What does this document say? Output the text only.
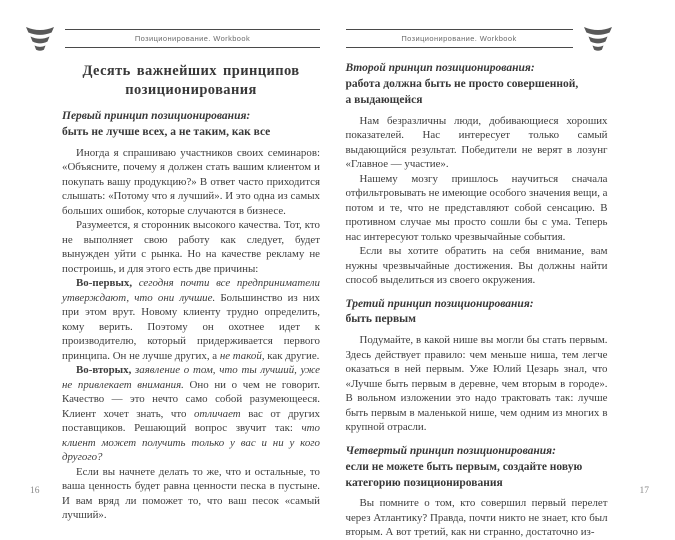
Позиционирование. Workbook
Десять важнейших принципов позиционирования
Первый принцип позиционирования:
быть не лучше всех, а не таким, как все

Иногда я спрашиваю участников своих семинаров: «Объясните, почему я должен стать вашим клиентом и покупать вашу продукцию?» В ответ часто приходится слышать: «Потому что я лучший». И это одна из самых больших ошибок, которые случаются в бизнесе.

Разумеется, я сторонник высокого качества. Тот, кто не выполняет свою работу как следует, будет вынужден уйти с рынка. Но на качестве рекламу не построишь, и для этого есть две причины:

Во-первых, сегодня почти все предприниматели утверждают, что они лучшие. Большинство из них при этом врут. Новому клиенту трудно определить, кому верить. Поэтому он охотнее идет к производителю, который придерживается первого принципа. Он не лучше других, а не такой, как другие.

Во-вторых, заявление о том, что ты лучший, уже не привлекает внимания. Оно ни о чем не говорит. Качество — это нечто само собой разумеющееся. Клиент хочет знать, что отличает вас от других поставщиков. Решающий вопрос звучит так: что клиент может получить только у вас и ни у кого другого?

Если вы начнете делать то же, что и остальные, то ваша ценность будет равна ценности песка в пустыне. И вам вряд ли поможет то, что ваш песок «самый лучший».

16
Позиционирование. Workbook
Второй принцип позиционирования:
работа должна быть не просто совершенной,
а выдающейся

Нам безразличны люди, добивающиеся хороших показателей. Нас интересует только самый выдающийся результат. Победители не верят в лозунг «Главное — участие».

Нашему мозгу пришлось научиться сначала отфильтровывать не имеющие особого значения вещи, а потом и те, что не представляют собой сенсацию. В противном случае мы просто сошли бы с ума. Теперь нас интересуют только чрезвычайные события.

Если вы хотите обратить на себя внимание, вам нужны чрезвычайные достижения. Вы должны найти способ выделиться из своего окружения.

Третий принцип позиционирования:
быть первым

Подумайте, в какой нише вы могли бы стать первым. Здесь действует правило: чем меньше ниша, тем легче оказаться в ней первым. Уже Юлий Цезарь знал, что «Лучше быть первым в деревне, чем вторым в городе». В вольном изложении это надо трактовать так: лучше быть первым в маленькой нише, чем одним из многих в крупной отрасли.

Четвертый принцип позиционирования:
если не можете быть первым, создайте новую
категорию позиционирования

Вы помните о том, кто совершил первый перелет через Атлантику? Правда, почти никто не знает, кто был вторым. А вот третий, как ни странно, достаточно из-

17
